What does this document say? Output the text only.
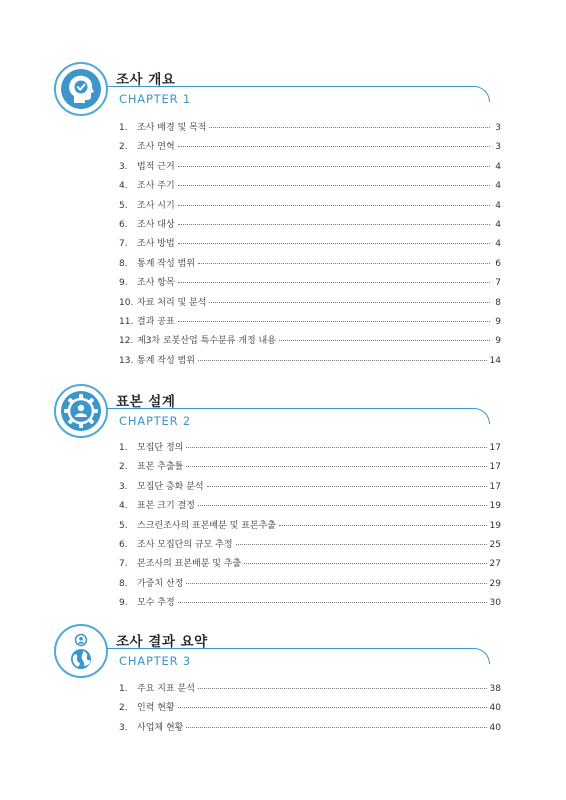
조사 개요
CHAPTER 1
1.	조사 배경 및 목적	3
2.	조사 연혁	3
3.	법적 근거	4
4.	조사 주기	4
5.	조사 시기	4
6.	조사 대상	4
7.	조사 방법	4
8.	통계 작성 범위	6
9.	조사 항목	7
10. 자료 처리 및 분석	8
11. 결과 공표	9
12. 제3차 로봇산업 특수분류 개정 내용	9
13. 통계 작성 범위	14
표본 설계
CHAPTER 2
1.	모집단 정의	17
2.	표본 추출틀	17
3.	모집단 층화 분석	17
4.	표본 크기 결정	19
5.	스크린조사의 표본배분 및 표본추출	19
6.	조사 모집단의 규모 추정	25
7.	본조사의 표본배분 및 추출	27
8.	가중치 산정	29
9.	모수 추정	30
조사 결과 요약
CHAPTER 3
1.	주요 지표 분석	38
2.	인력 현황	40
3.	사업체 현황	40
